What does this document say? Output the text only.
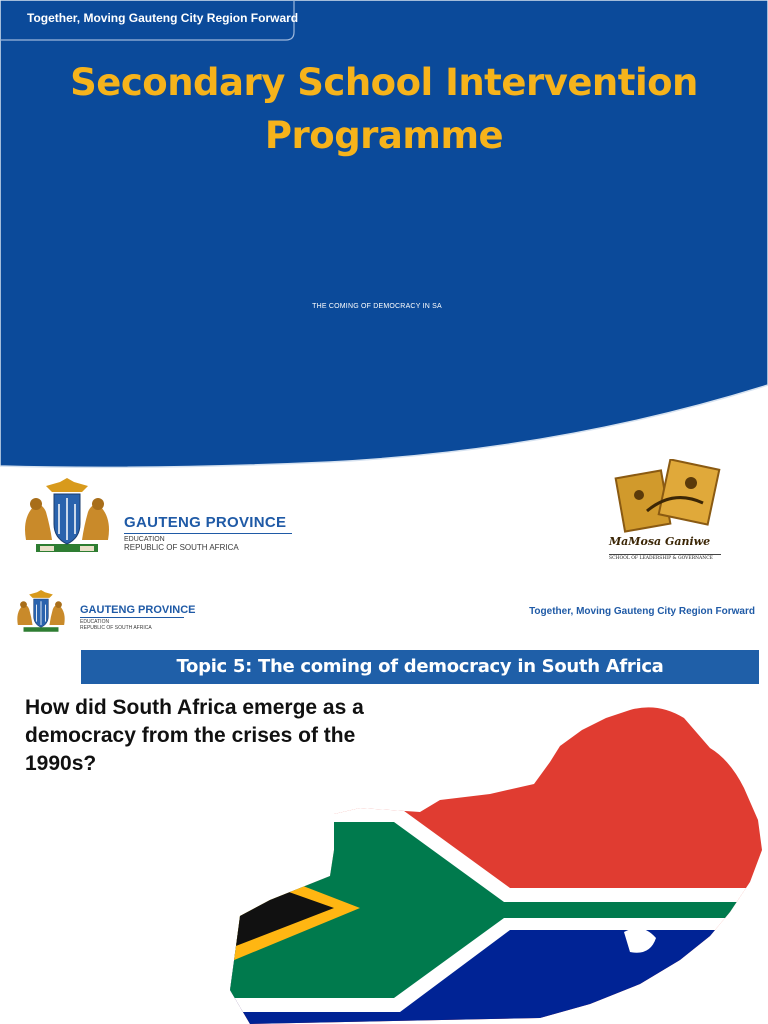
Together, Moving Gauteng City Region Forward
Secondary School Intervention
Programme
THE COMING OF DEMOCRACY IN SA
GAUTENG PROVINCE
EDUCATION
REPUBLIC OF SOUTH AFRICA	MaMosa Ganiwe
SCHOOL OF LEADERSHIP & GOVERNANCE
GAUTENG PROVINCE
EDUCATION
REPUBLIC OF SOUTH AFRICA
Together, Moving Gauteng City Region Forward
Topic 5: The coming of democracy in South Africa
How did South Africa emerge as a democracy from the crises of the 1990s?
